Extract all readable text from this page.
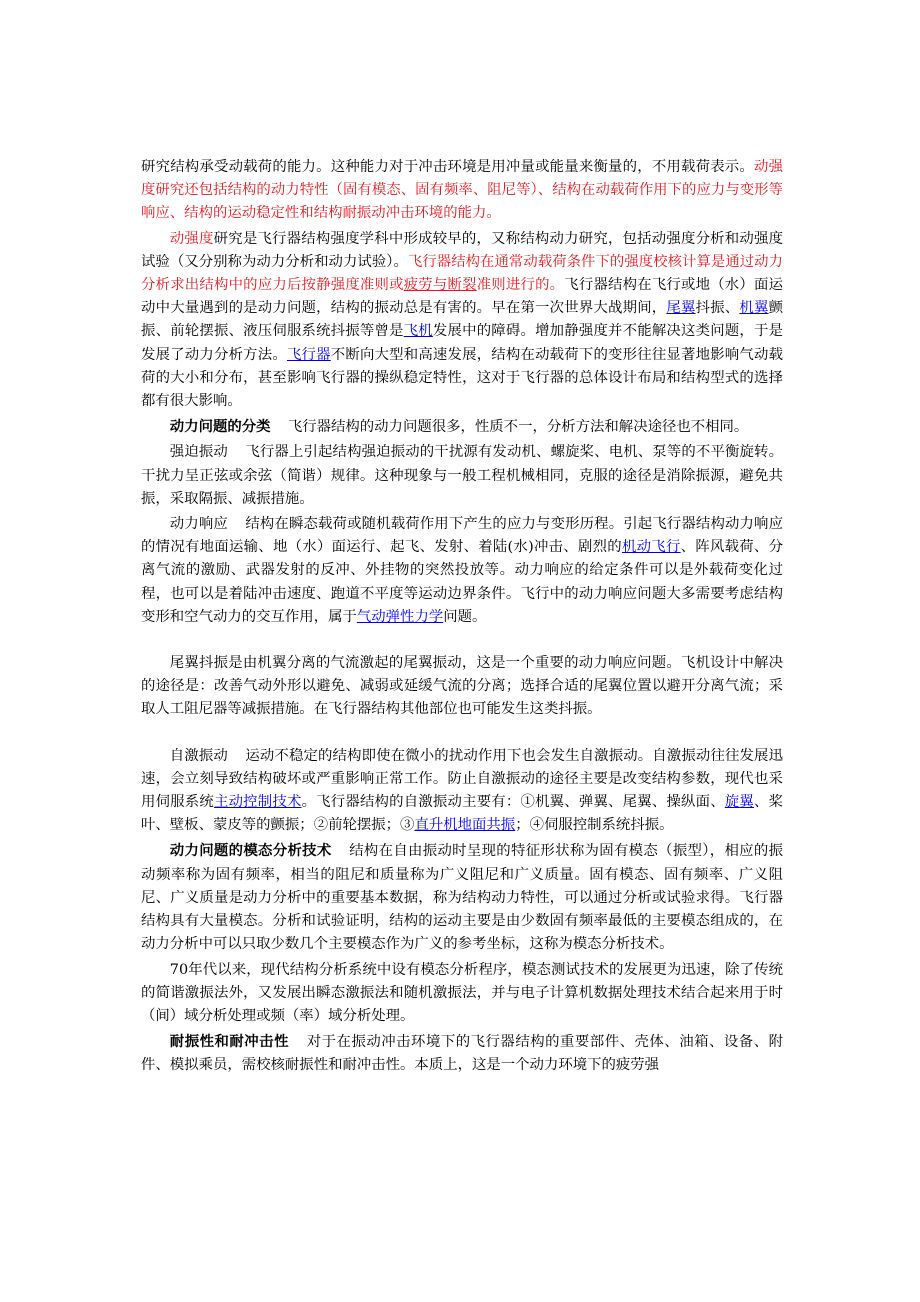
研究结构承受动载荷的能力。这种能力对于冲击环境是用冲量或能量来衡量的，不用载荷表示。动强度研究还包括结构的动力特性（固有模态、固有频率、阻尼等）、结构在动载荷作用下的应力与变形等响应、结构的运动稳定性和结构耐振动冲击环境的能力。

动强度研究是飞行器结构强度学科中形成较早的，又称结构动力研究，包括动强度分析和动强度试验（又分别称为动力分析和动力试验）。飞行器结构在通常动载荷条件下的强度校核计算是通过动力分析求出结构中的应力后按静强度准则或疲劳与断裂准则进行的。飞行器结构在飞行或地（水）面运动中大量遇到的是动力问题，结构的振动总是有害的。早在第一次世界大战期间，尾翼抖振、机翼颤振、前轮摆振、液压伺服系统抖振等曾是飞机发展中的障碍。增加静强度并不能解决这类问题，于是发展了动力分析方法。飞行器不断向大型和高速发展，结构在动载荷下的变形往往显著地影响气动载荷的大小和分布，甚至影响飞行器的操纵稳定特性，这对于飞行器的总体设计布局和结构型式的选择都有很大影响。

动力问题的分类 飞行器结构的动力问题很多，性质不一，分析方法和解决途径也不相同。

强迫振动 飞行器上引起结构强迫振动的干扰源有发动机、螺旋桨、电机、泵等的不平衡旋转。干扰力呈正弦或余弦（简谐）规律。这种现象与一般工程机械相同，克服的途径是消除振源，避免共振，采取隔振、减振措施。

动力响应 结构在瞬态载荷或随机载荷作用下产生的应力与变形历程。引起飞行器结构动力响应的情况有地面运输、地（水）面运行、起飞、发射、着陆(水)冲击、剧烈的机动飞行、阵风载荷、分离气流的激励、武器发射的反冲、外挂物的突然投放等。动力响应的给定条件可以是外载荷变化过程，也可以是着陆冲击速度、跑道不平度等运动边界条件。飞行中的动力响应问题大多需要考虑结构变形和空气动力的交互作用，属于气动弹性力学问题。

尾翼抖振是由机翼分离的气流激起的尾翼振动，这是一个重要的动力响应问题。飞机设计中解决的途径是：改善气动外形以避免、减弱或延缓气流的分离；选择合适的尾翼位置以避开分离气流；采取人工阻尼器等减振措施。在飞行器结构其他部位也可能发生这类抖振。

自激振动 运动不稳定的结构即使在微小的扰动作用下也会发生自激振动。自激振动往往发展迅速，会立刻导致结构破坏或严重影响正常工作。防止自激振动的途径主要是改变结构参数，现代也采用伺服系统主动控制技术。飞行器结构的自激振动主要有：①机翼、弹翼、尾翼、操纵面、旋翼、桨叶、壁板、蒙皮等的颤振；②前轮摆振；③直升机地面共振；④伺服控制系统抖振。

动力问题的模态分析技术 结构在自由振动时呈现的特征形状称为固有模态（振型），相应的振动频率称为固有频率，相当的阻尼和质量称为广义阻尼和广义质量。固有模态、固有频率、广义阻尼、广义质量是动力分析中的重要基本数据，称为结构动力特性，可以通过分析或试验求得。飞行器结构具有大量模态。分析和试验证明，结构的运动主要是由少数固有频率最低的主要模态组成的，在动力分析中可以只取少数几个主要模态作为广义的参考坐标，这称为模态分析技术。

70年代以来，现代结构分析系统中设有模态分析程序，模态测试技术的发展更为迅速，除了传统的简谐激振法外，又发展出瞬态激振法和随机激振法，并与电子计算机数据处理技术结合起来用于时（间）域分析处理或频（率）域分析处理。

耐振性和耐冲击性 对于在振动冲击环境下的飞行器结构的重要部件、壳体、油箱、设备、附件、模拟乘员，需校核耐振性和耐冲击性。本质上，这是一个动力环境下的疲劳强
